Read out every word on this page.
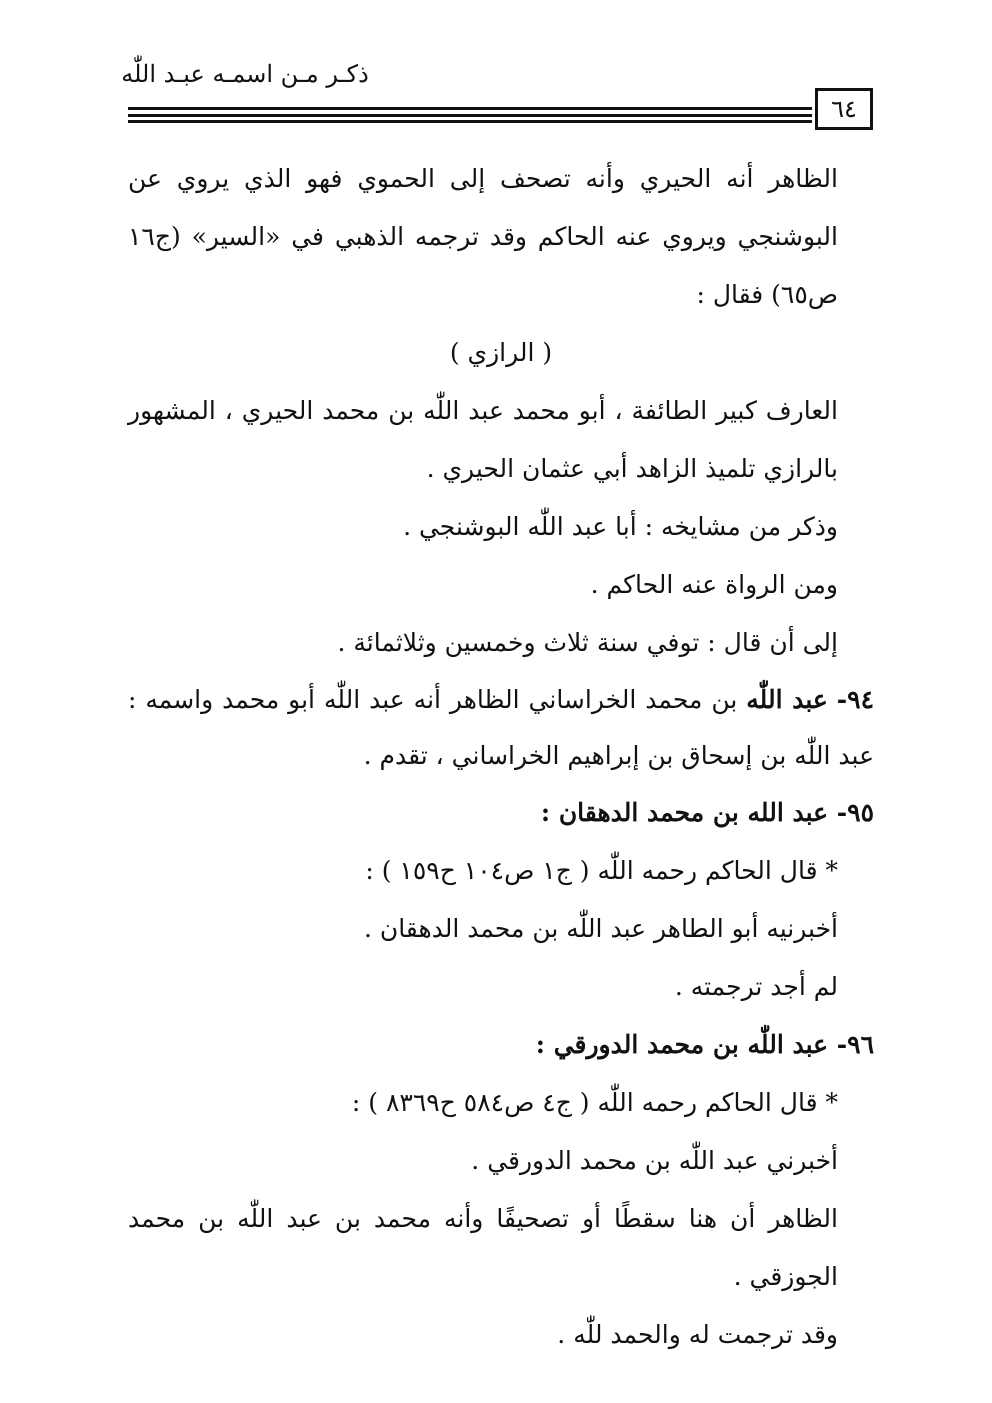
ذكـر مـن اسمـه عبـد اللّٰه
٦٤

الظاهر أنه الحيري وأنه تصحف إلى الحموي فهو الذي يروي عن البوشنجي ويروي عنه الحاكم وقد ترجمه الذهبي في «السير» (ج١٦ ص٦٥) فقال :

( الرازي )

العارف كبير الطائفة ، أبو محمد عبد اللّٰه بن محمد الحيري ، المشهور بالرازي تلميذ الزاهد أبي عثمان الحيري .

وذكر من مشايخه : أبا عبد اللّٰه البوشنجي .

ومن الرواة عنه الحاكم .

إلى أن قال : توفي سنة ثلاث وخمسين وثلاثمائة .

٩٤- عبد اللّٰه بن محمد الخراساني الظاهر أنه عبد اللّٰه أبو محمد واسمه : عبد اللّٰه بن إسحاق بن إبراهيم الخراساني ، تقدم .

٩٥- عبد الله بن محمد الدهقان :

* قال الحاكم رحمه اللّٰه ( ج١ ص١٠٤ ح١٥٩ ) :

أخبرنيه أبو الطاهر عبد اللّٰه بن محمد الدهقان .

لم أجد ترجمته .

٩٦- عبد اللّٰه بن محمد الدورقي :

* قال الحاكم رحمه اللّٰه ( ج٤ ص٥٨٤ ح٨٣٦٩ ) :

أخبرني عبد اللّٰه بن محمد الدورقي .

الظاهر أن هنا سقطًا أو تصحيفًا وأنه محمد بن عبد اللّٰه بن محمد الجوزقي .

وقد ترجمت له والحمد للّٰه .
